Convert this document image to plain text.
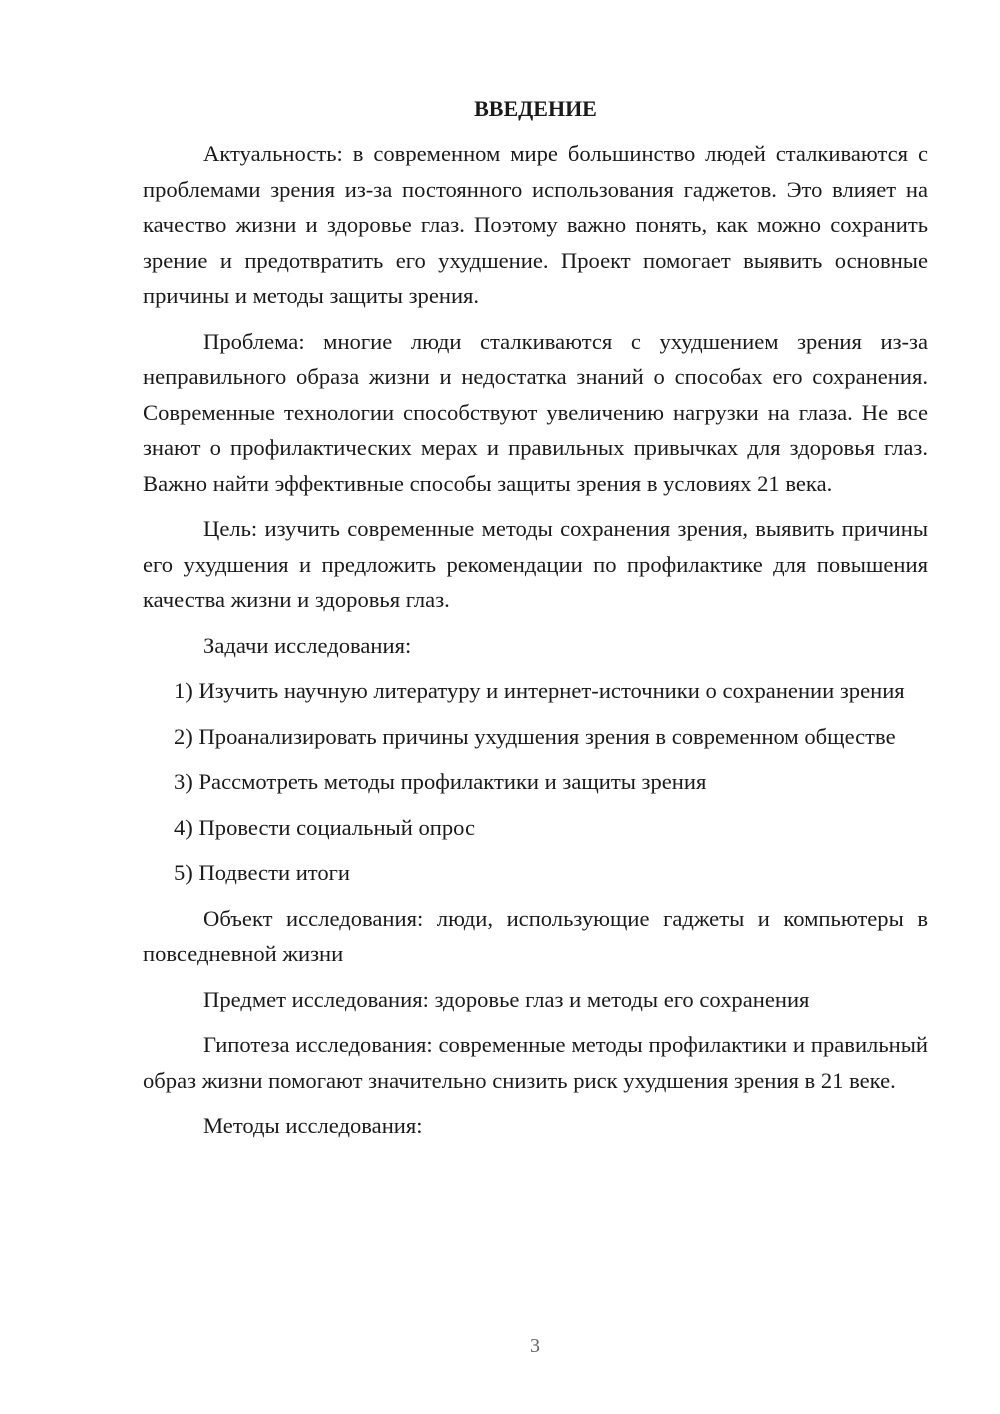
ВВЕДЕНИЕ

Актуальность: в современном мире большинство людей сталкиваются с проблемами зрения из-за постоянного использования гаджетов. Это влияет на качество жизни и здоровье глаз. Поэтому важно понять, как можно сохранить зрение и предотвратить его ухудшение. Проект помогает выявить основные причины и методы защиты зрения.

Проблема: многие люди сталкиваются с ухудшением зрения из-за неправильного образа жизни и недостатка знаний о способах его сохранения. Современные технологии способствуют увеличению нагрузки на глаза. Не все знают о профилактических мерах и правильных привычках для здоровья глаз. Важно найти эффективные способы защиты зрения в условиях 21 века.

Цель: изучить современные методы сохранения зрения, выявить причины его ухудшения и предложить рекомендации по профилактике для повышения качества жизни и здоровья глаз.

Задачи исследования:

1) Изучить научную литературу и интернет-источники о сохранении зрения

2) Проанализировать причины ухудшения зрения в современном обществе

3) Рассмотреть методы профилактики и защиты зрения

4) Провести социальный опрос

5) Подвести итоги

Объект исследования: люди, использующие гаджеты и компьютеры в повседневной жизни

Предмет исследования: здоровье глаз и методы его сохранения

Гипотеза исследования: современные методы профилактики и правильный образ жизни помогают значительно снизить риск ухудшения зрения в 21 веке.

Методы исследования:

3
